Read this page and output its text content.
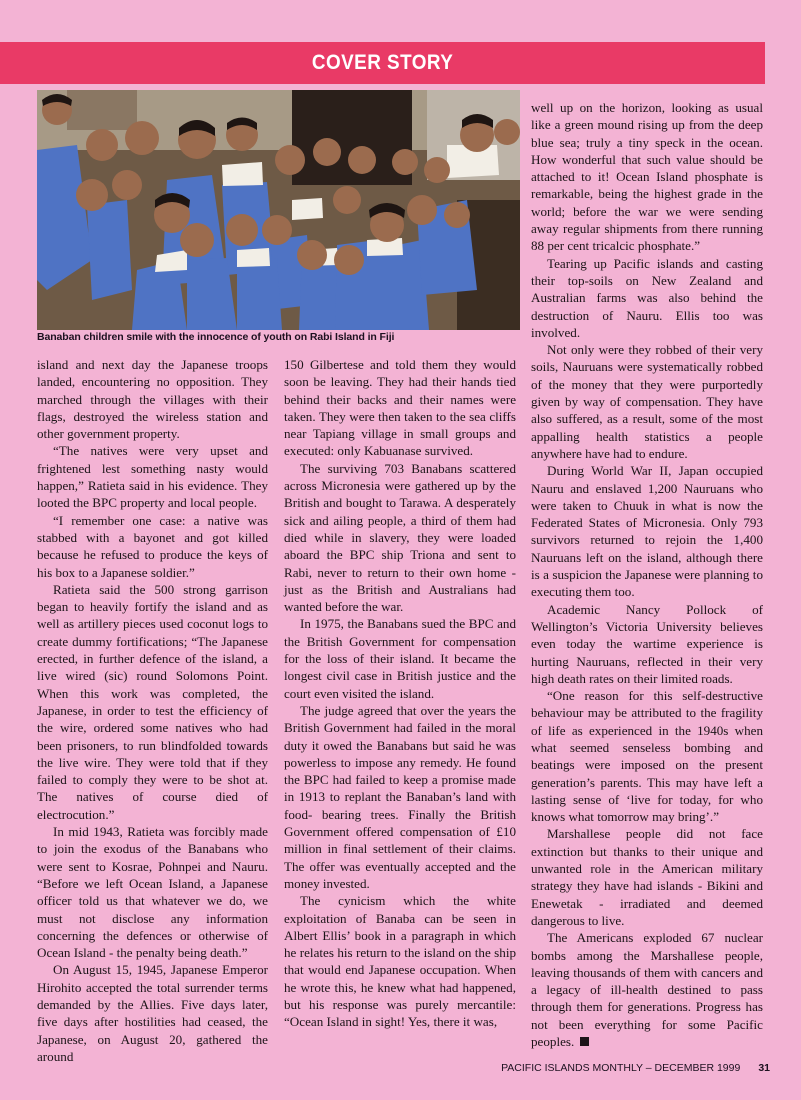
COVER STORY
Banaban children smile with the innocence of youth on Rabi Island in Fiji

island and next day the Japanese troops landed, encountering no opposition. They marched through the villages with their flags, destroyed the wireless station and other government property.

“The natives were very upset and frightened lest something nasty would happen,” Ratieta said in his evidence. They looted the BPC property and local people.

“I remember one case: a native was stabbed with a bayonet and got killed because he refused to produce the keys of his box to a Japanese soldier.”

Ratieta said the 500 strong garrison began to heavily fortify the island and as well as artillery pieces used coconut logs to create dummy fortifications; “The Japanese erected, in further defence of the island, a live wired (sic) round Solomons Point. When this work was completed, the Japanese, in order to test the efficiency of the wire, ordered some natives who had been prisoners, to run blindfolded towards the live wire. They were told that if they failed to comply they were to be shot at. The natives of course died of electrocution.”

In mid 1943, Ratieta was forcibly made to join the exodus of the Banabans who were sent to Kosrae, Pohnpei and Nauru. “Before we left Ocean Island, a Japanese officer told us that whatever we do, we must not disclose any information concerning the defences or otherwise of Ocean Island - the penalty being death.”

On August 15, 1945, Japanese Emperor Hirohito accepted the total surrender terms demanded by the Allies. Five days later, five days after hostilities had ceased, the Japanese, on August 20, gathered the around

150 Gilbertese and told them they would soon be leaving. They had their hands tied behind their backs and their names were taken. They were then taken to the sea cliffs near Tapiang village in small groups and executed: only Kabuanase survived.

The surviving 703 Banabans scattered across Micronesia were gathered up by the British and bought to Tarawa. A desperately sick and ailing people, a third of them had died while in slavery, they were loaded aboard the BPC ship Triona and sent to Rabi, never to return to their own home - just as the British and Australians had wanted before the war.

In 1975, the Banabans sued the BPC and the British Government for compensation for the loss of their island. It became the longest civil case in British justice and the court even visited the island.

The judge agreed that over the years the British Government had failed in the moral duty it owed the Banabans but said he was powerless to impose any remedy. He found the BPC had failed to keep a promise made in 1913 to replant the Banaban’s land with food- bearing trees. Finally the British Government offered compensation of £10 million in final settlement of their claims. The offer was eventually accepted and the money invested.

The cynicism which the white exploitation of Banaba can be seen in Albert Ellis’ book in a paragraph in which he relates his return to the island on the ship that would end Japanese occupation. When he wrote this, he knew what had happened, but his response was purely mercantile: “Ocean Island in sight! Yes, there it was,

well up on the horizon, looking as usual like a green mound rising up from the deep blue sea; truly a tiny speck in the ocean. How wonderful that such value should be attached to it! Ocean Island phosphate is remarkable, being the highest grade in the world; before the war we were sending away regular shipments from there running 88 per cent tricalcic phosphate.”

Tearing up Pacific islands and casting their top-soils on New Zealand and Australian farms was also behind the destruction of Nauru. Ellis too was involved.

Not only were they robbed of their very soils, Nauruans were systematically robbed of the money that they were purportedly given by way of compensation. They have also suffered, as a result, some of the most appalling health statistics a people anywhere have had to endure.

During World War II, Japan occupied Nauru and enslaved 1,200 Nauruans who were taken to Chuuk in what is now the Federated States of Micronesia. Only 793 survivors returned to rejoin the 1,400 Nauruans left on the island, although there is a suspicion the Japanese were planning to executing them too.

Academic Nancy Pollock of Wellington’s Victoria University believes even today the wartime experience is hurting Nauruans, reflected in their very high death rates on their limited roads.

“One reason for this self-destructive behaviour may be attributed to the fragility of life as experienced in the 1940s when what seemed senseless bombing and beatings were imposed on the present generation’s parents. This may have left a lasting sense of ‘live for today, for who knows what tomorrow may bring’.”

Marshallese people did not face extinction but thanks to their unique and unwanted role in the American military strategy they have had islands - Bikini and Enewetak - irradiated and deemed dangerous to live.

The Americans exploded 67 nuclear bombs among the Marshallese people, leaving thousands of them with cancers and a legacy of ill-health destined to pass through them for generations. Progress has not been everything for some Pacific peoples.

PACIFIC ISLANDS MONTHLY – DECEMBER 1999 31
